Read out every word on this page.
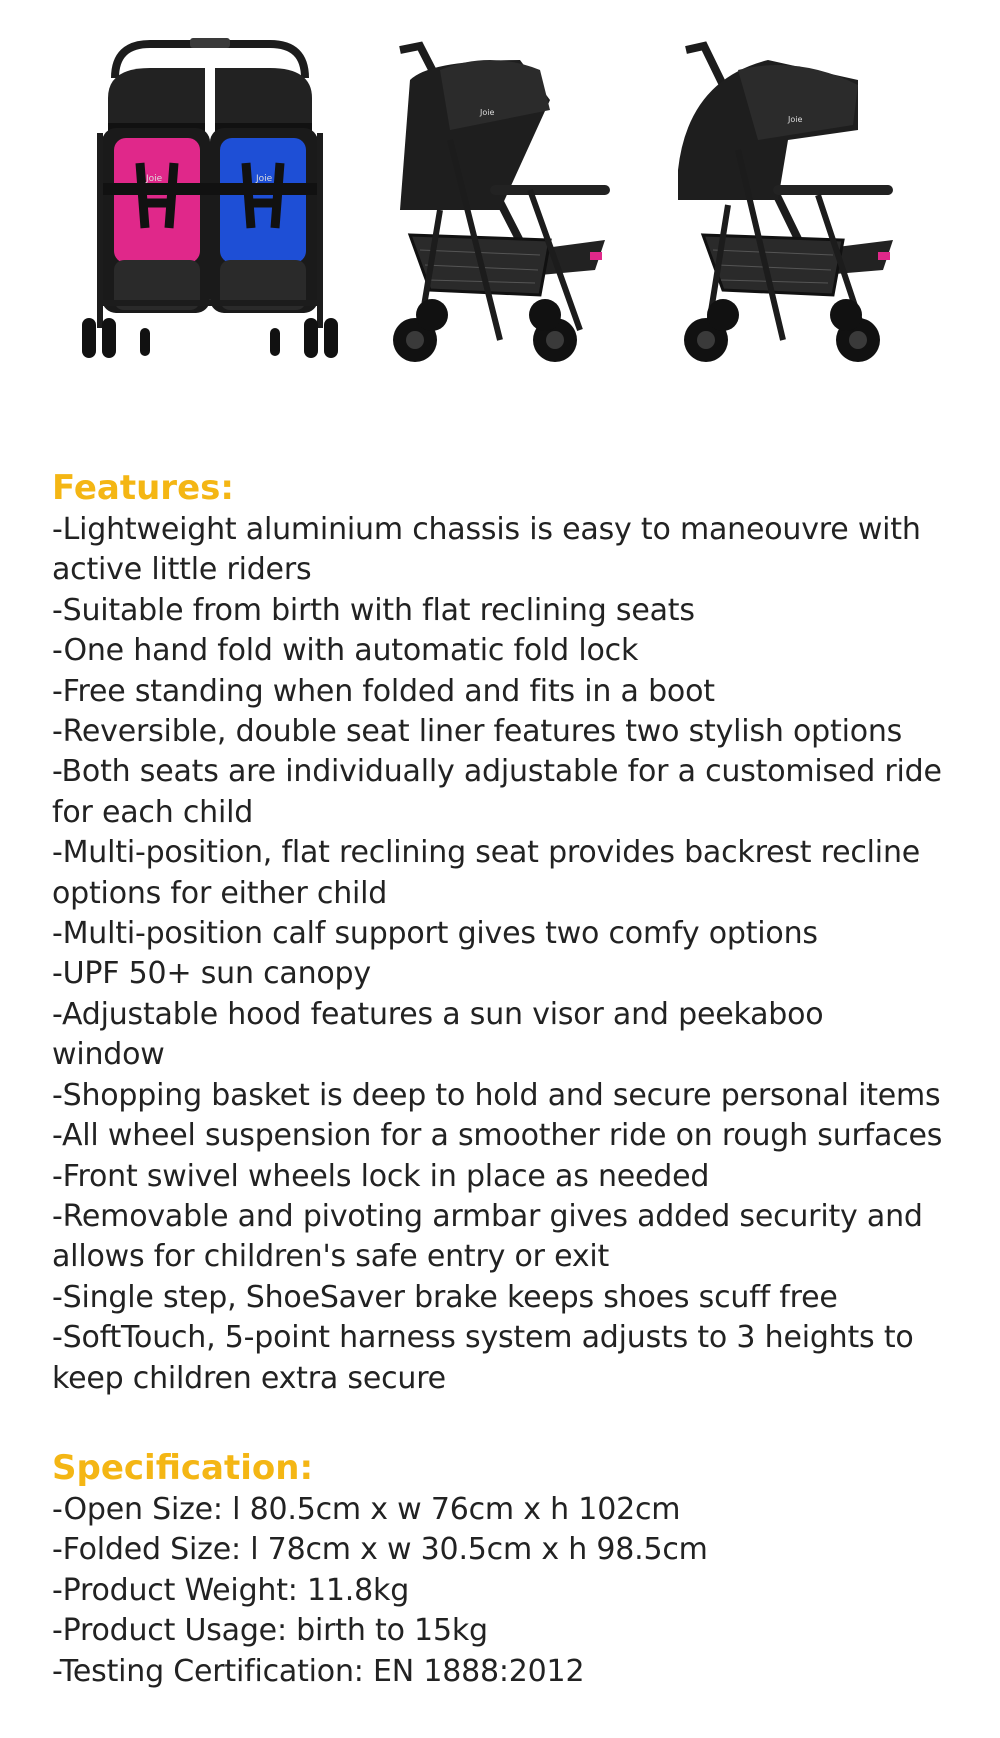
Joie	Joie
Joie
Joie
Features:
-Lightweight aluminium chassis is easy to maneouvre with
active little riders
-Suitable from birth with flat reclining seats
-One hand fold with automatic fold lock
-Free standing when folded and fits in a boot
-Reversible, double seat liner features two stylish options
-Both seats are individually adjustable for a customised ride
for each child
-Multi-position, flat reclining seat provides backrest recline
options for either child
-Multi-position calf support gives two comfy options
-UPF 50+ sun canopy
-Adjustable hood features a sun visor and peekaboo
window
-Shopping basket is deep to hold and secure personal items
-All wheel suspension for a smoother ride on rough surfaces
-Front swivel wheels lock in place as needed
-Removable and pivoting armbar gives added security and
allows for children's safe entry or exit
-Single step, ShoeSaver brake keeps shoes scuff free
-SoftTouch, 5-point harness system adjusts to 3 heights to
keep children extra secure
Specification:
-Open Size: l 80.5cm x w 76cm x h 102cm
-Folded Size: l 78cm x w 30.5cm x h 98.5cm
-Product Weight: 11.8kg
-Product Usage: birth to 15kg
-Testing Certification: EN 1888:2012
